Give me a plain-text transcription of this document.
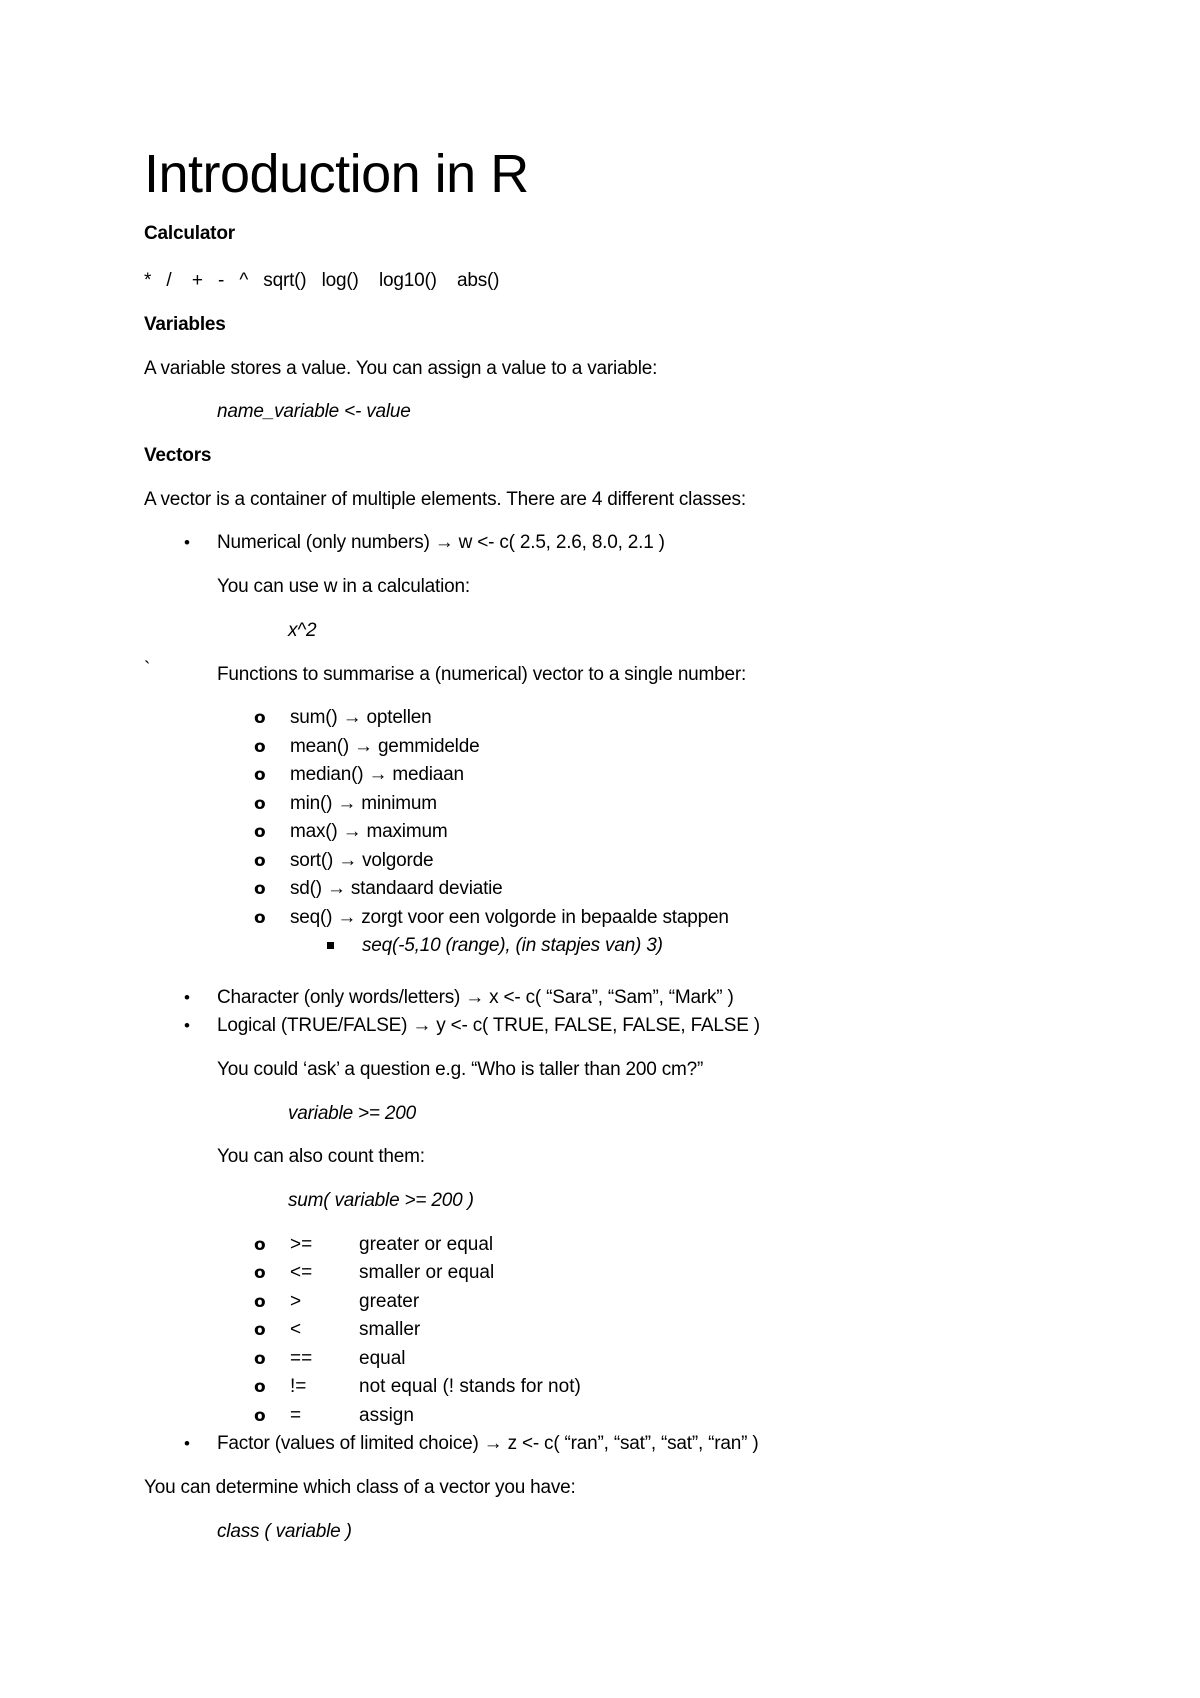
Introduction in R
Calculator
*   /    +   -   ^   sqrt()   log()    log10()    abs()
Variables
A variable stores a value. You can assign a value to a variable:
name_variable <- value
Vectors
A vector is a container of multiple elements. There are 4 different classes:
• Numerical (only numbers) → w <- c( 2.5, 2.6, 8.0, 2.1 )
You can use w in a calculation:
x^2
`	Functions to summarise a (numerical) vector to a single number:
o sum() → optellen
o mean() → gemmidelde
o median() → mediaan
o min() → minimum
o max() → maximum
o sort() → volgorde
o sd() → standaard deviatie
o seq() → zorgt voor een volgorde in bepaalde stappen
seq(-5,10 (range), (in stapjes van) 3)
• Character (only words/letters) → x <- c( “Sara”, “Sam”, “Mark” )
• Logical (TRUE/FALSE) → y <- c( TRUE, FALSE, FALSE, FALSE )
You could ‘ask’ a question e.g. “Who is taller than 200 cm?”
variable >= 200
You can also count them:
sum( variable >= 200 )
o >= greater or equal
o <= smaller or equal
o >	greater
o <	smaller
o == equal
o !=	not equal (! stands for not)
o =	assign
• Factor (values of limited choice) → z <- c( “ran”, “sat”, “sat”, “ran” )
You can determine which class of a vector you have:
class ( variable )
